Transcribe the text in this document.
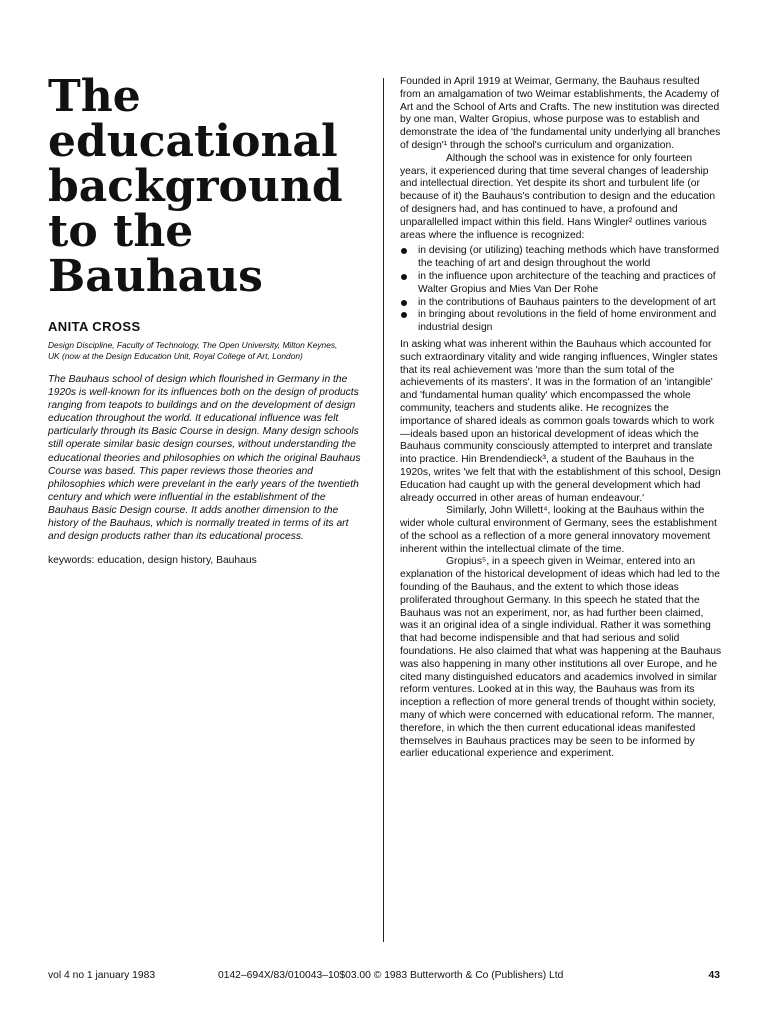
The
educational
background
to the
Bauhaus
ANITA CROSS
Design Discipline, Faculty of Technology, The Open University, Milton Keynes, UK (now at the Design Education Unit, Royal College of Art, London)
The Bauhaus school of design which flourished in Germany in the 1920s is well-known for its influences both on the design of products ranging from teapots to buildings and on the development of design education throughout the world. It educational influence was felt particularly through its Basic Course in design. Many design schools still operate similar basic design courses, without understanding the educational theories and philosophies on which the original Bauhaus Course was based. This paper reviews those theories and philosophies which were prevelant in the early years of the twentieth century and which were influential in the establishment of the Bauhaus Basic Design course. It adds another dimension to the history of the Bauhaus, which is normally treated in terms of its art and design products rather than its educational process.
keywords: education, design history, Bauhaus

Founded in April 1919 at Weimar, Germany, the Bauhaus resulted from an amalgamation of two Weimar establishments, the Academy of Art and the School of Arts and Crafts. The new institution was directed by one man, Walter Gropius, whose purpose was to establish and demonstrate the idea of 'the fundamental unity underlying all branches of design'¹ through the school's curriculum and organization.

Although the school was in existence for only fourteen years, it experienced during that time several changes of leadership and intellectual direction. Yet despite its short and turbulent life (or because of it) the Bauhaus's contribution to design and the education of designers had, and has continued to have, a profound and unparallelled impact within this field. Hans Wingler² outlines various areas where the influence is recognized:

in devising (or utilizing) teaching methods which have transformed the teaching of art and design throughout the world
in the influence upon architecture of the teaching and practices of Walter Gropius and Mies Van Der Rohe
in the contributions of Bauhaus painters to the development of art
in bringing about revolutions in the field of home environment and industrial design

In asking what was inherent within the Bauhaus which accounted for such extraordinary vitality and wide ranging influences, Wingler states that its real achievement was 'more than the sum total of the achievements of its masters'. It was in the formation of an 'intangible' and 'fundamental human quality' which encompassed the whole community, teachers and students alike. He recognizes the importance of shared ideals as common goals towards which to work—ideals based upon an historical development of ideas which the Bauhaus community consciously attempted to interpret and translate into practice. Hin Brendendieck³, a student of the Bauhaus in the 1920s, writes 'we felt that with the establishment of this school, Design Education had caught up with the general development which had already occurred in other areas of human endeavour.'

Similarly, John Willett⁴, looking at the Bauhaus within the wider whole cultural environment of Germany, sees the establishment of the school as a reflection of a more general innovatory movement inherent within the intellectual climate of the time.

Gropius⁵, in a speech given in Weimar, entered into an explanation of the historical development of ideas which had led to the founding of the Bauhaus, and the extent to which those ideas proliferated throughout Germany. In this speech he stated that the Bauhaus was not an experiment, nor, as had further been claimed, was it an original idea of a single individual. Rather it was something that had become indispensible and that had serious and solid foundations. He also claimed that what was happening at the Bauhaus was also happening in many other institutions all over Europe, and he cited many distinguished educators and academics involved in similar reform ventures. Looked at in this way, the Bauhaus was from its inception a reflection of more general trends of thought within society, many of which were concerned with educational reform. The manner, therefore, in which the then current educational ideas manifested themselves in Bauhaus practices may be seen to be informed by earlier educational experience and experiment.

vol 4 no 1 january 1983	0142–694X/83/010043–10$03.00 © 1983 Butterworth & Co (Publishers) Ltd	43
